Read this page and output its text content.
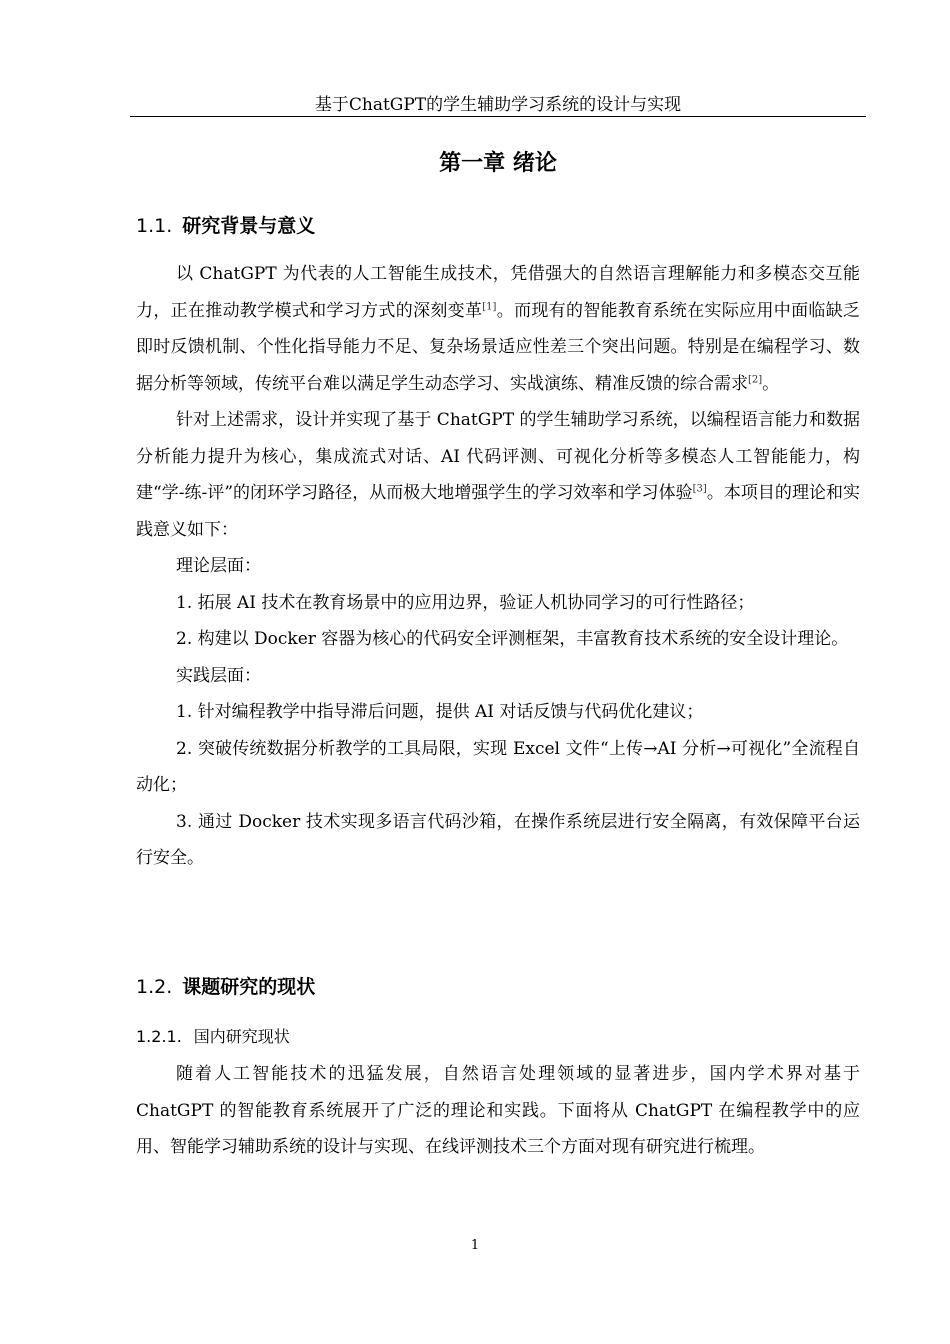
基于ChatGPT的学生辅助学习系统的设计与实现
第一章 绪论
1.1. 研究背景与意义

以 ChatGPT 为代表的人工智能生成技术，凭借强大的自然语言理解能力和多模态交互能力，正在推动教学模式和学习方式的深刻变革[1]。而现有的智能教育系统在实际应用中面临缺乏即时反馈机制、个性化指导能力不足、复杂场景适应性差三个突出问题。特别是在编程学习、数据分析等领域，传统平台难以满足学生动态学习、实战演练、精准反馈的综合需求[2]。

针对上述需求，设计并实现了基于 ChatGPT 的学生辅助学习系统，以编程语言能力和数据分析能力提升为核心，集成流式对话、AI 代码评测、可视化分析等多模态人工智能能力，构建“学-练-评”的闭环学习路径，从而极大地增强学生的学习效率和学习体验[3]。本项目的理论和实践意义如下：

理论层面：

1. 拓展 AI 技术在教育场景中的应用边界，验证人机协同学习的可行性路径；

2. 构建以 Docker 容器为核心的代码安全评测框架，丰富教育技术系统的安全设计理论。

实践层面：

1. 针对编程教学中指导滞后问题，提供 AI 对话反馈与代码优化建议；

2. 突破传统数据分析教学的工具局限，实现 Excel 文件“上传→AI 分析→可视化”全流程自动化；

3. 通过 Docker 技术实现多语言代码沙箱，在操作系统层进行安全隔离，有效保障平台运行安全。

1.2. 课题研究的现状
1.2.1. 国内研究现状

随着人工智能技术的迅猛发展，自然语言处理领域的显著进步，国内学术界对基于 ChatGPT 的智能教育系统展开了广泛的理论和实践。下面将从 ChatGPT 在编程教学中的应用、智能学习辅助系统的设计与实现、在线评测技术三个方面对现有研究进行梳理。

1
